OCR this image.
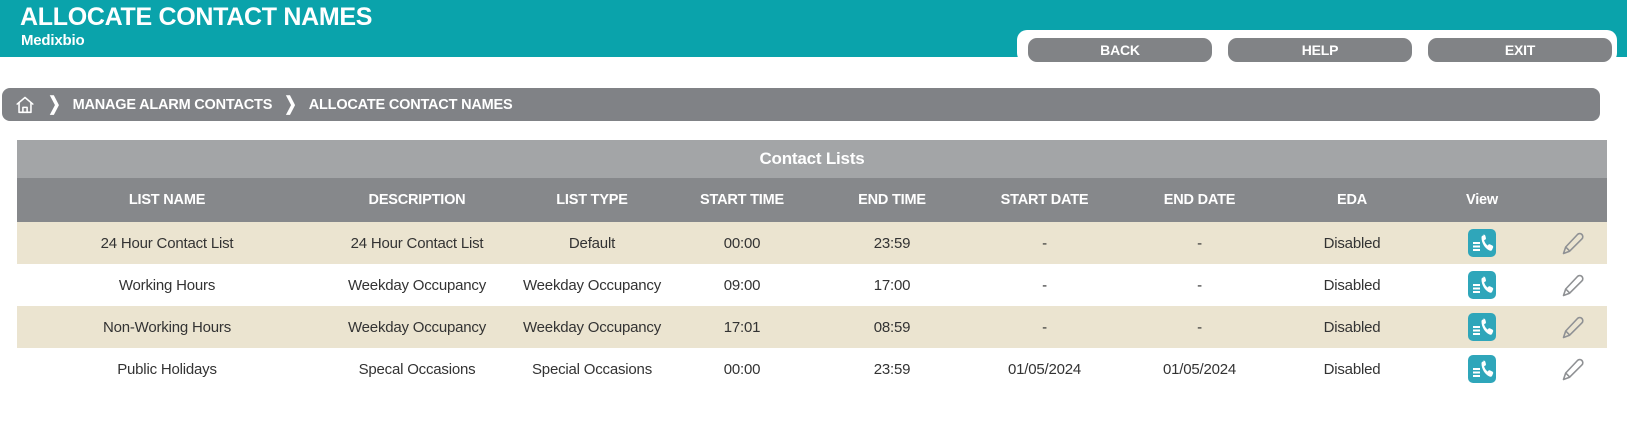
ALLOCATE CONTACT NAMES
Medixbio
BACK	HELP	EXIT
❯ MANAGE ALARM CONTACTS ❯ ALLOCATE CONTACT NAMES
Contact Lists
LIST NAME	DESCRIPTION	LIST TYPE	START TIME	END TIME	START DATE	END DATE	EDA	View	
24 Hour Contact List	24 Hour Contact List	Default	00:00	23:59	-	-	Disabled		
Working Hours	Weekday Occupancy	Weekday Occupancy	09:00	17:00	-	-	Disabled		
Non-Working Hours	Weekday Occupancy	Weekday Occupancy	17:01	08:59	-	-	Disabled		
Public Holidays	Specal Occasions	Special Occasions	00:00	23:59	01/05/2024	01/05/2024	Disabled		
